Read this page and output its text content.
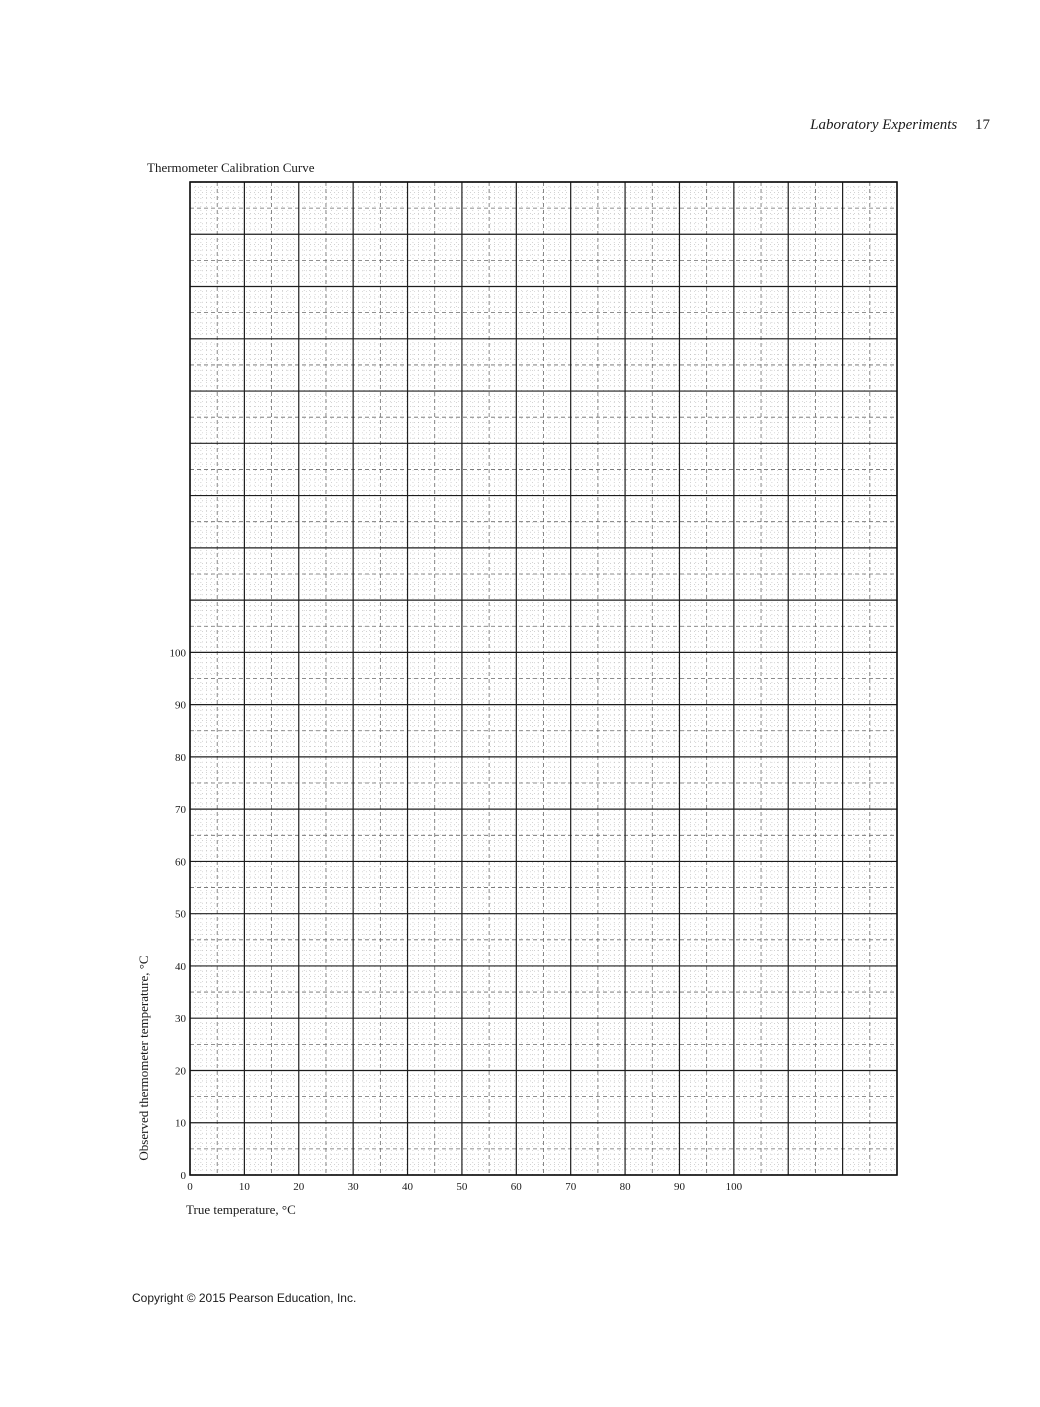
Laboratory Experiments 17
Thermometer Calibration Curve
0	10	20	30	40	50	60	70	80	90	100
0
10
20
30
40
50
60
70
80
90
100
True temperature, °C
Observed thermometer temperature, °C
Copyright © 2015 Pearson Education, Inc.
